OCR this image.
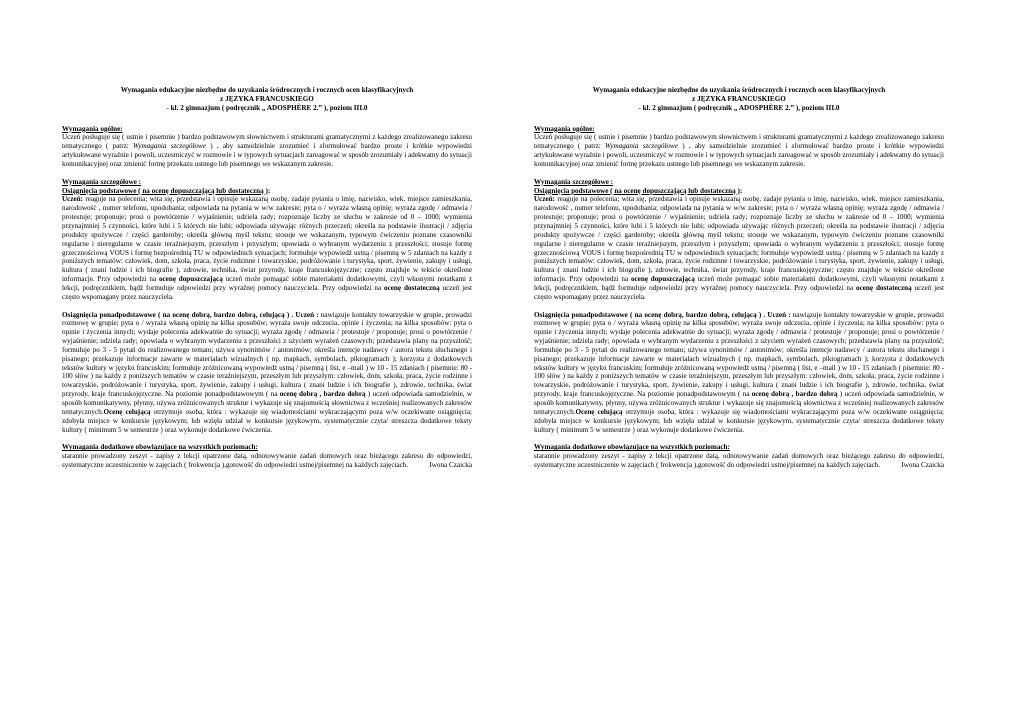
Wymagania edukacyjne niezbędne do uzyskania śródrocznych i rocznych ocen klasyfikacyjnych
z JĘZYKA FRANCUSKIEGO
- kl. 2 gimnazjum ( podręcznik „ ADOSPHÈRE 2.” ), poziom III.0
Wymagania ogólne:

Uczeń posługuje się ( ustnie i pisemnie ) bardzo podstawowym słownictwem i strukturami gramatycznymi z każdego zrealizowanego zakresu tematycznego ( patrz: Wymagania szczegółowe ) , aby samodzielnie zrozumieć i sformułować bardzo proste i krótkie wypowiedzi artykułowane wyraźnie i powoli, uczestniczyć w rozmowie i w typowych sytuacjach zareagować w sposób zrozumiały i adekwatny do sytuacji komunikacyjnej oraz zmienić formę przekazu ustnego lub pisemnego we wskazanym zakresie.

Wymagania szczegółowe :
Osiągnięcia podstawowe ( na ocenę dopuszczającą lub dostateczną ):

Uczeń: reaguje na polecenia; wita się, przedstawia i opisuje wskazaną osobę, zadaje pytania o imię, nazwisko, wiek, miejsce zamieszkania, narodowość , numer telefonu, upodobania; odpowiada na pytania w w/w zakresie; pyta o / wyraża własną opinię; wyraża zgodę / odmawia / protestuje; proponuje; prosi o powtórzenie / wyjaśnienie; udziela rady; rozpoznaje liczby ze słuchu w zakresie od 0 – 1000; wymienia przynajmniej 5 czynności, które lubi i 5 których nie lubi; odpowiada używając różnych przeczeń; określa na podstawie ilustracji / zdjęcia produkty spożywcze / części garderoby; określa główną myśl tekstu; stosuje we wskazanym, typowym ćwiczeniu poznane czasowniki regularne i nieregularne w czasie teraźniejszym, przeszłym i przyszłym; opowiada o wybranym wydarzeniu z przeszłości; stosuje formę grzecznościową VOUS i formę bezpośrednią TU w odpowiednich sytuacjach; formułuje wypowiedź ustną / pisemną w 5 zdaniach na każdy z poniższych tematów: człowiek, dom, szkoła, praca, życie rodzinne i towarzyskie, podróżowanie i turystyka, sport, żywienie, zakupy i usługi, kultura ( znani ludzie i ich biografie ), zdrowie, technika, świat przyrody, kraje francuskojęzyczne; często znajduje w tekście określone informacje. Przy odpowiedzi na ocenę dopuszczającą uczeń może pomagać sobie materiałami dodatkowymi, czyli własnymi notatkami z lekcji, podręcznikiem, bądź formułuje odpowiedzi przy wyraźnej pomocy nauczyciela. Przy odpowiedzi na ocenę dostateczną uczeń jest często wspomagany przez nauczyciela.

Osiągnięcia ponadpodstawowe ( na ocenę dobrą, bardzo dobrą, celującą ) . Uczeń : nawiązuje kontakty towarzyskie w grupie, prowadzi rozmowę w grupie; pyta o / wyraża własną opinię na kilka sposobów; wyraża swoje odczucia, opinie i życzenia; na kilka sposobów: pyta o opinie i życzenia innych; wydaje polecenia adekwatnie do sytuacji; wyraża zgodę / odmawia / protestuje / proponuje; prosi o powtórzenie / wyjaśnienie; udziela rady; opowiada o wybranym wydarzeniu z przeszłości z użyciem wyrażeń czasowych; przedstawia plany na przyszłość; formułuje po 3 - 5 pytań do realizowanego tematu; używa synonimów / antonimów; określa intencje nadawcy / autora tekstu słuchanego i pisanego; przekazuje informacje zawarte w materiałach wizualnych ( np. mapkach, symbolach, piktogramach ); korzysta z dodatkowych tekstów kultury w języku francuskim; formułuje zróżnicowaną wypowiedź ustną / pisemną ( list, e –mail ) w 10 - 15 zdaniach ( pisemnie: 80 - 100 słów ) na każdy z poniższych tematów w czasie teraźniejszym, przeszłym lub przyszłym: człowiek, dom, szkoła, praca, życie rodzinne i towarzyskie, podróżowanie i turystyka, sport, żywienie, zakupy i usługi, kultura ( znani ludzie i ich biografie ), zdrowie, technika, świat przyrody, kraje francuskojęzyczne. Na poziomie ponadpodstawowym ( na ocenę dobrą , bardzo dobrą ) uczeń odpowiada samodzielnie, w sposób komunikatywny, płynny, używa zróżnicowanych struktur i wykazuje się znajomością słownictwa z wcześniej realizowanych zakresów tematycznych.Ocenę celującą otrzymuje osoba, która : wykazuje się wiadomościami wykraczającymi poza w/w oczekiwane osiągnięcia; zdobyła miejsce w konkursie językowym; lub wzięła udział w konkursie językowym, systematycznie czyta/ streszcza dodatkowe teksty kultury ( minimum 5 w semestrze ) oraz wykonuje dodatkowe ćwiczenia.

Wymagania dodatkowe obowiązujące na wszystkich poziomach:

starannie prowadzony zeszyt - zapisy z lekcji opatrzone datą, odnotowywanie zadań domowych oraz bieżącego zakresu do odpowiedzi, systematyczne uczestniczenie w zajęciach ( frekwencja ),gotowość do odpowiedzi ustnej/pisemnej na każdych zajęciach.	Iwona Czaicka
Wymagania edukacyjne niezbędne do uzyskania śródrocznych i rocznych ocen klasyfikacyjnych
z JĘZYKA FRANCUSKIEGO
- kl. 2 gimnazjum ( podręcznik „ ADOSPHÈRE 2.” ), poziom III.0
Wymagania ogólne:

Uczeń posługuje się ( ustnie i pisemnie ) bardzo podstawowym słownictwem i strukturami gramatycznymi z każdego zrealizowanego zakresu tematycznego ( patrz: Wymagania szczegółowe ) , aby samodzielnie zrozumieć i sformułować bardzo proste i krótkie wypowiedzi artykułowane wyraźnie i powoli, uczestniczyć w rozmowie i w typowych sytuacjach zareagować w sposób zrozumiały i adekwatny do sytuacji komunikacyjnej oraz zmienić formę przekazu ustnego lub pisemnego we wskazanym zakresie.

Wymagania szczegółowe :
Osiągnięcia podstawowe ( na ocenę dopuszczającą lub dostateczną ):

Uczeń: reaguje na polecenia; wita się, przedstawia i opisuje wskazaną osobę, zadaje pytania o imię, nazwisko, wiek, miejsce zamieszkania, narodowość , numer telefonu, upodobania; odpowiada na pytania w w/w zakresie; pyta o / wyraża własną opinię; wyraża zgodę / odmawia / protestuje; proponuje; prosi o powtórzenie / wyjaśnienie; udziela rady; rozpoznaje liczby ze słuchu w zakresie od 0 – 1000; wymienia przynajmniej 5 czynności, które lubi i 5 których nie lubi; odpowiada używając różnych przeczeń; określa na podstawie ilustracji / zdjęcia produkty spożywcze / części garderoby; określa główną myśl tekstu; stosuje we wskazanym, typowym ćwiczeniu poznane czasowniki regularne i nieregularne w czasie teraźniejszym, przeszłym i przyszłym; opowiada o wybranym wydarzeniu z przeszłości; stosuje formę grzecznościową VOUS i formę bezpośrednią TU w odpowiednich sytuacjach; formułuje wypowiedź ustną / pisemną w 5 zdaniach na każdy z poniższych tematów: człowiek, dom, szkoła, praca, życie rodzinne i towarzyskie, podróżowanie i turystyka, sport, żywienie, zakupy i usługi, kultura ( znani ludzie i ich biografie ), zdrowie, technika, świat przyrody, kraje francuskojęzyczne; często znajduje w tekście określone informacje. Przy odpowiedzi na ocenę dopuszczającą uczeń może pomagać sobie materiałami dodatkowymi, czyli własnymi notatkami z lekcji, podręcznikiem, bądź formułuje odpowiedzi przy wyraźnej pomocy nauczyciela. Przy odpowiedzi na ocenę dostateczną uczeń jest często wspomagany przez nauczyciela.

Osiągnięcia ponadpodstawowe ( na ocenę dobrą, bardzo dobrą, celującą ) . Uczeń : nawiązuje kontakty towarzyskie w grupie, prowadzi rozmowę w grupie; pyta o / wyraża własną opinię na kilka sposobów; wyraża swoje odczucia, opinie i życzenia; na kilka sposobów: pyta o opinie i życzenia innych; wydaje polecenia adekwatnie do sytuacji; wyraża zgodę / odmawia / protestuje / proponuje; prosi o powtórzenie / wyjaśnienie; udziela rady; opowiada o wybranym wydarzeniu z przeszłości z użyciem wyrażeń czasowych; przedstawia plany na przyszłość; formułuje po 3 - 5 pytań do realizowanego tematu; używa synonimów / antonimów; określa intencje nadawcy / autora tekstu słuchanego i pisanego; przekazuje informacje zawarte w materiałach wizualnych ( np. mapkach, symbolach, piktogramach ); korzysta z dodatkowych tekstów kultury w języku francuskim; formułuje zróżnicowaną wypowiedź ustną / pisemną ( list, e –mail ) w 10 - 15 zdaniach ( pisemnie: 80 - 100 słów ) na każdy z poniższych tematów w czasie teraźniejszym, przeszłym lub przyszłym: człowiek, dom, szkoła, praca, życie rodzinne i towarzyskie, podróżowanie i turystyka, sport, żywienie, zakupy i usługi, kultura ( znani ludzie i ich biografie ), zdrowie, technika, świat przyrody, kraje francuskojęzyczne. Na poziomie ponadpodstawowym ( na ocenę dobrą , bardzo dobrą ) uczeń odpowiada samodzielnie, w sposób komunikatywny, płynny, używa zróżnicowanych struktur i wykazuje się znajomością słownictwa z wcześniej realizowanych zakresów tematycznych.Ocenę celującą otrzymuje osoba, która : wykazuje się wiadomościami wykraczającymi poza w/w oczekiwane osiągnięcia; zdobyła miejsce w konkursie językowym; lub wzięła udział w konkursie językowym, systematycznie czyta/ streszcza dodatkowe teksty kultury ( minimum 5 w semestrze ) oraz wykonuje dodatkowe ćwiczenia.

Wymagania dodatkowe obowiązujące na wszystkich poziomach:

starannie prowadzony zeszyt - zapisy z lekcji opatrzone datą, odnotowywanie zadań domowych oraz bieżącego zakresu do odpowiedzi, systematyczne uczestniczenie w zajęciach ( frekwencja ),gotowość do odpowiedzi ustnej/pisemnej na każdych zajęciach.	Iwona Czaicka
